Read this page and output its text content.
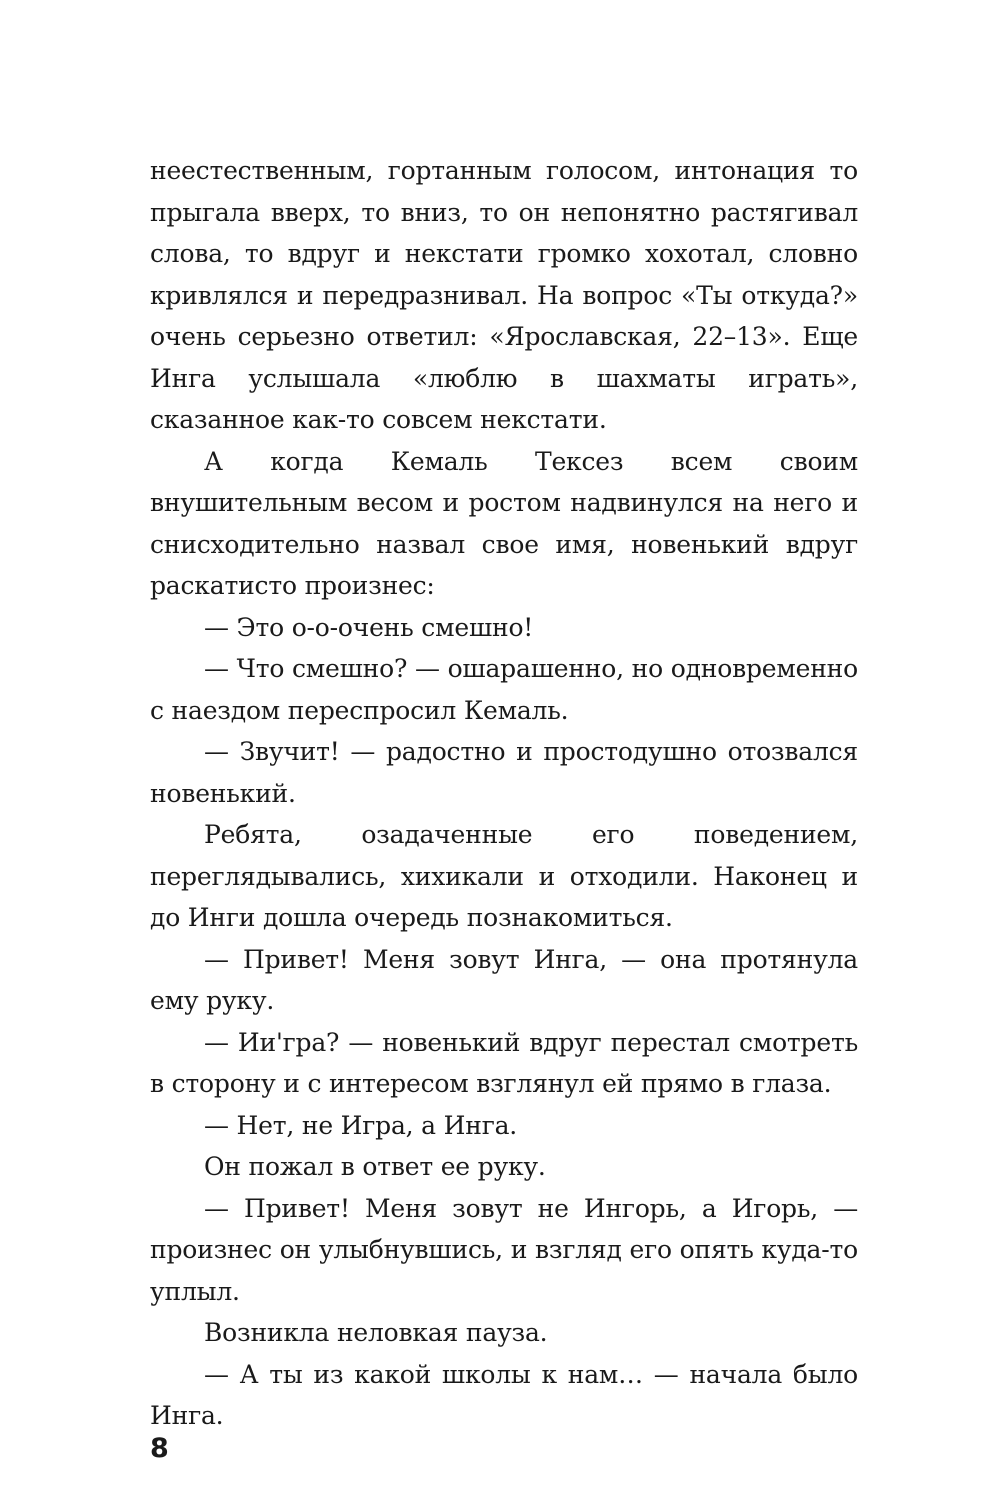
неестественным, гортанным голосом, интонация то прыгала вверх, то вниз, то он непонятно растягивал слова, то вдруг и некстати громко хохотал, словно кривлялся и передразнивал. На вопрос «Ты откуда?» очень серьезно ответил: «Ярославская, 22–13». Еще Инга услышала «люблю в шахматы играть», сказанное как-то совсем некстати.

А когда Кемаль Тексез всем своим внушительным весом и ростом надвинулся на него и снисходительно назвал свое имя, новенький вдруг раскатисто произнес:

— Это о-о-очень смешно!

— Что смешно? — ошарашенно, но одновременно с наездом переспросил Кемаль.

— Звучит! — радостно и простодушно отозвался новенький.

Ребята, озадаченные его поведением, переглядывались, хихикали и отходили. Наконец и до Инги дошла очередь познакомиться.

— Привет! Меня зовут Инга, — она протянула ему руку.

— Ии'гра? — новенький вдруг перестал смотреть в сторону и с интересом взглянул ей прямо в глаза.

— Нет, не Игра, а Инга.

Он пожал в ответ ее руку.

— Привет! Меня зовут не Ингорь, а Игорь, — произнес он улыбнувшись, и взгляд его опять куда-то уплыл.

Возникла неловкая пауза.

— А ты из какой школы к нам… — начала было Инга.

8
